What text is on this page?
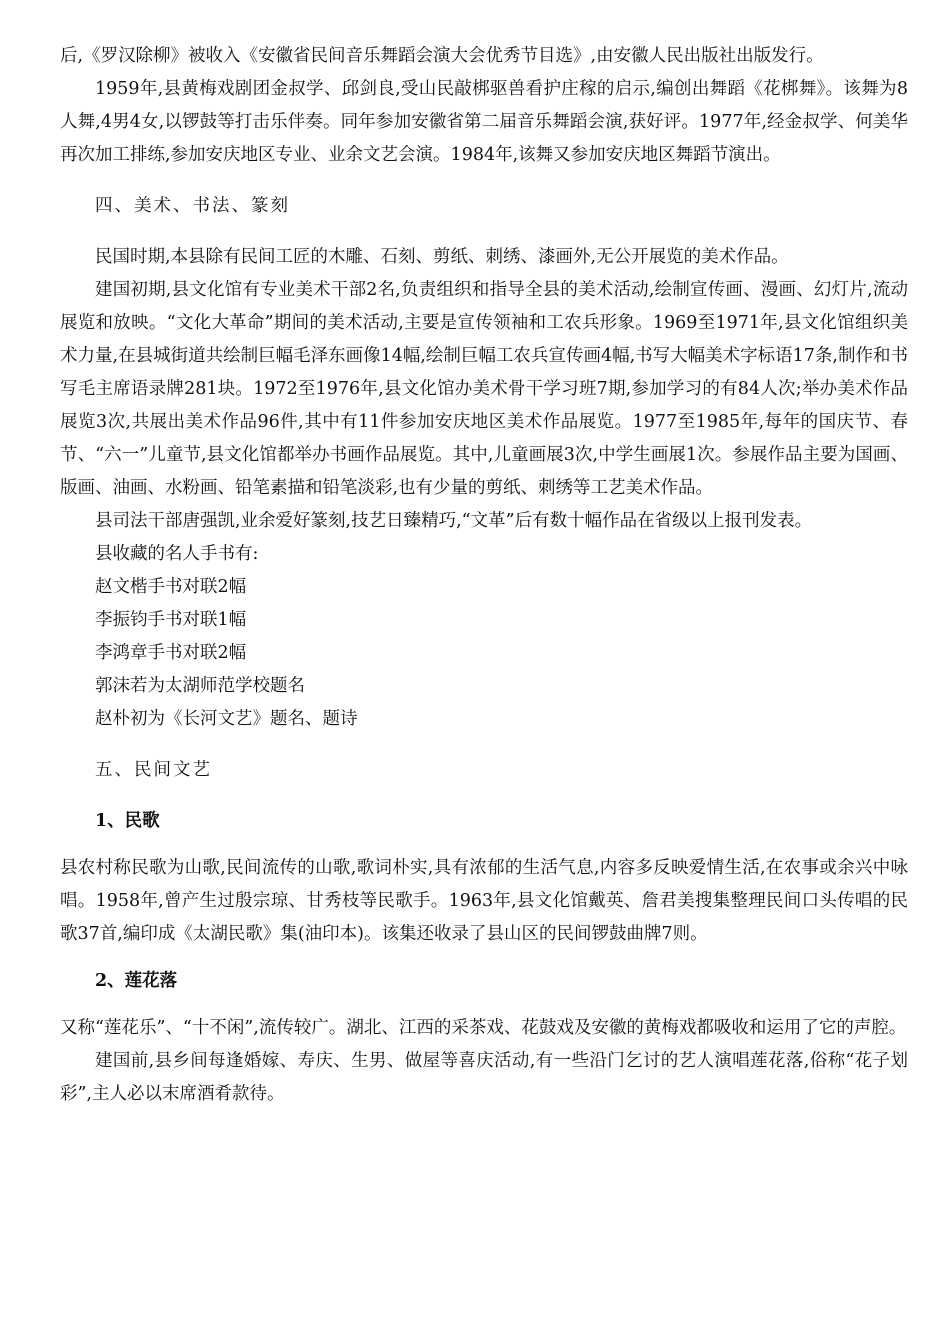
后,《罗汉除柳》被收入《安徽省民间音乐舞蹈会演大会优秀节目选》,由安徽人民出版社出版发行。

1959年,县黄梅戏剧团金叔学、邱剑良,受山民敲梆驱兽看护庄稼的启示,编创出舞蹈《花梆舞》。该舞为8人舞,4男4女,以锣鼓等打击乐伴奏。同年参加安徽省第二届音乐舞蹈会演,获好评。1977年,经金叔学、何美华再次加工排练,参加安庆地区专业、业余文艺会演。1984年,该舞又参加安庆地区舞蹈节演出。

四、美术、书法、篆刻

民国时期,本县除有民间工匠的木雕、石刻、剪纸、刺绣、漆画外,无公开展览的美术作品。

建国初期,县文化馆有专业美术干部2名,负责组织和指导全县的美术活动,绘制宣传画、漫画、幻灯片,流动展览和放映。“文化大革命”期间的美术活动,主要是宣传领袖和工农兵形象。1969至1971年,县文化馆组织美术力量,在县城街道共绘制巨幅毛泽东画像14幅,绘制巨幅工农兵宣传画4幅,书写大幅美术字标语17条,制作和书写毛主席语录牌281块。1972至1976年,县文化馆办美术骨干学习班7期,参加学习的有84人次;举办美术作品展览3次,共展出美术作品96件,其中有11件参加安庆地区美术作品展览。1977至1985年,每年的国庆节、春节、“六一”儿童节,县文化馆都举办书画作品展览。其中,儿童画展3次,中学生画展1次。参展作品主要为国画、版画、油画、水粉画、铅笔素描和铅笔淡彩,也有少量的剪纸、刺绣等工艺美术作品。

县司法干部唐强凯,业余爱好篆刻,技艺日臻精巧,“文革”后有数十幅作品在省级以上报刊发表。

县收藏的名人手书有:

赵文楷手书对联2幅

李振钧手书对联1幅

李鸿章手书对联2幅

郭沫若为太湖师范学校题名

赵朴初为《长河文艺》题名、题诗

五、民间文艺

1、民歌

县农村称民歌为山歌,民间流传的山歌,歌词朴实,具有浓郁的生活气息,内容多反映爱情生活,在农事或余兴中咏唱。1958年,曾产生过殷宗琼、甘秀枝等民歌手。1963年,县文化馆戴英、詹君美搜集整理民间口头传唱的民歌37首,编印成《太湖民歌》集(油印本)。该集还收录了县山区的民间锣鼓曲牌7则。

2、莲花落

又称“莲花乐”、“十不闲”,流传较广。湖北、江西的采茶戏、花鼓戏及安徽的黄梅戏都吸收和运用了它的声腔。

建国前,县乡间每逢婚嫁、寿庆、生男、做屋等喜庆活动,有一些沿门乞讨的艺人演唱莲花落,俗称“花子划彩”,主人必以末席酒肴款待。
